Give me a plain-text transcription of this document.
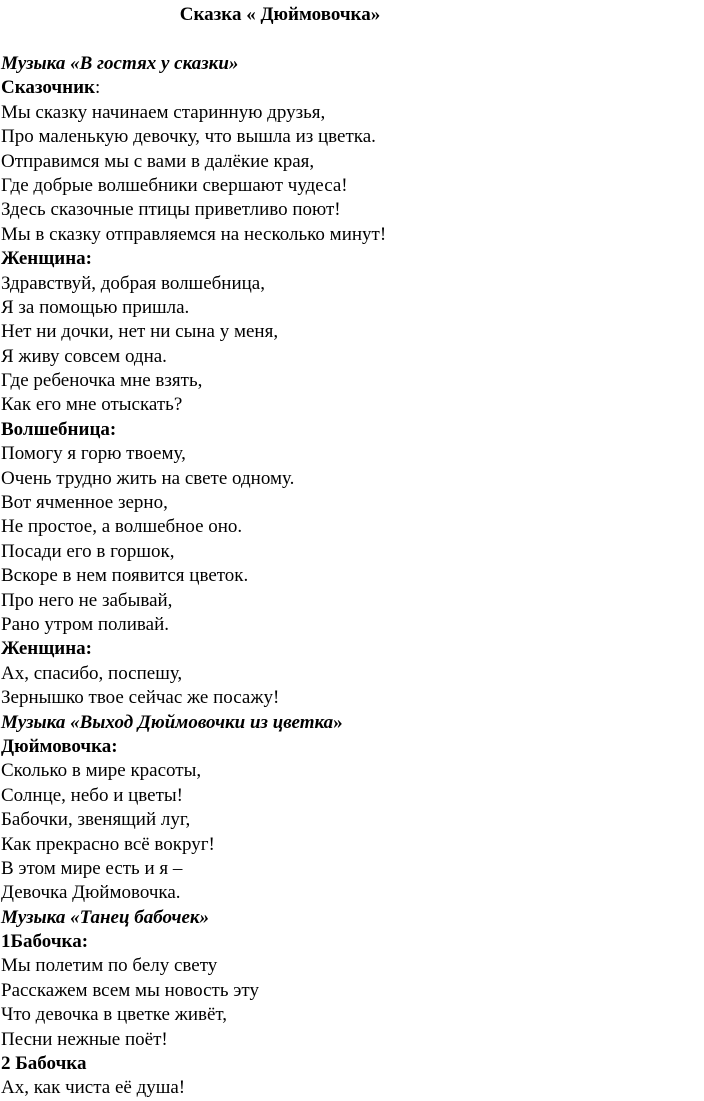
Сказка « Дюймовочка»
Музыка «В гостях у сказки»
Сказочник:
Мы сказку начинаем старинную друзья,
Про маленькую девочку, что вышла из цветка.
Отправимся мы с вами в далёкие края,
Где добрые волшебники свершают чудеса!
Здесь сказочные птицы приветливо поют!
Мы в сказку отправляемся на несколько минут!
Женщина:
Здравствуй, добрая волшебница,
Я за помощью пришла.
Нет ни дочки, нет ни сына у меня,
Я живу совсем одна.
Где ребеночка мне взять,
Как его мне отыскать?
Волшебница:
Помогу я горю твоему,
Очень трудно жить на свете одному.
Вот ячменное зерно,
Не простое, а волшебное оно.
Посади его в горшок,
Вскоре в нем появится цветок.
Про него не забывай,
Рано утром поливай.
Женщина:
Ах, спасибо, поспешу,
Зернышко твое сейчас же посажу!
Музыка «Выход Дюймовочки из цветка»
Дюймовочка:
Сколько в мире красоты,
Солнце, небо и цветы!
Бабочки, звенящий луг,
Как прекрасно всё вокруг!
В этом мире есть и я –
Девочка Дюймовочка.
Музыка «Танец бабочек»
1Бабочка:
Мы полетим по белу свету
Расскажем всем мы новость эту
Что девочка в цветке живёт,
Песни нежные поёт!
2 Бабочка
Ах, как чиста её душа!
